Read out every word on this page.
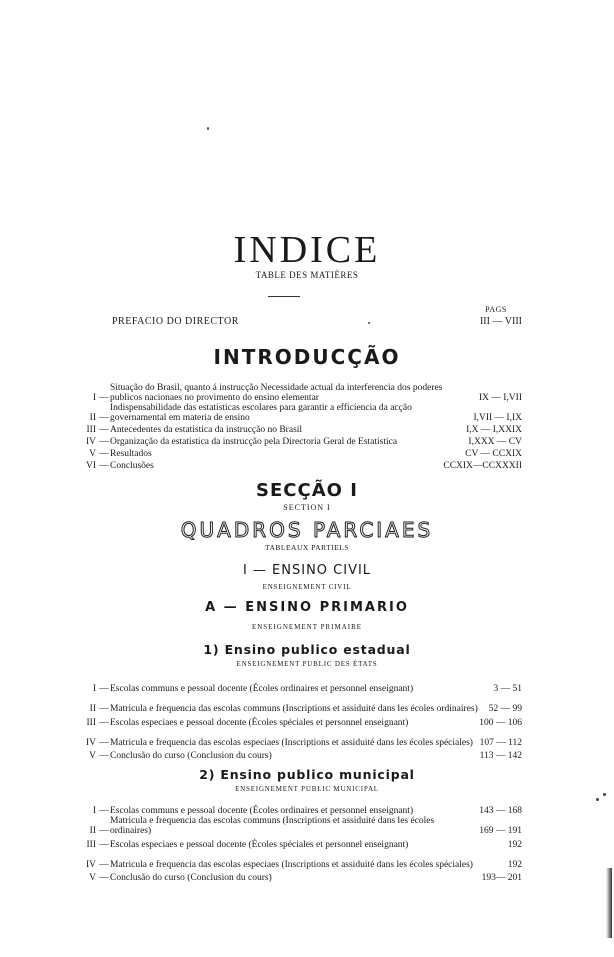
INDICE
TABLE DES MATIÈRES
PAGS
PREFACIO DO DIRECTOR	III — VIII
INTRODUCÇÃO
I —
Situação do Brasil, quanto á instrucção Necessidade actual da interferencia dos poderes publicos nacionaes no provimento do ensino elementar	IX — I,VII
II —
Indispensabilidade das estatisticas escolares para garantir a efficiencia da acção governamental em materia de ensino	I,VII — I,IX
III — Antecedentes da estatistica da instrucção no Brasil	I,X — I,XXIX
IV — Organização da estatistica da instrucção pela Directoria Geral de Estatistica	I,XXX — CV
V — Resultados	CV — CCXIX
VI — Conclusões	CCXIX—CCXXXII
SECÇÃO I
SECTION I
QUADROS PARCIAES
TABLEAUX PARTIELS
I — ENSINO CIVIL
ENSEIGNEMENT CIVIL
A — ENSINO PRIMARIO
ENSEIGNEMENT PRIMAIRE
1) Ensino publico estadual
ENSEIGNEMENT PUBLIC DES ÉTATS
I — Escolas communs e pessoal docente (Écoles ordinaires et personnel enseignant)	3 — 51
II — Matricula e frequencia das escolas communs (Inscriptions et assiduité dans les écoles ordinaires)	52 — 99
III — Escolas especiaes e pessoal docente (Écoles spéciales et personnel enseignant)	100 — 106
IV — Matricula e frequencia das escolas especiaes (Inscriptions et assiduité dans les écoles spéciales) 107 — 112
V — Conclusão do curso (Conclusion du cours)	113 — 142
2) Ensino publico municipal
ENSEIGNEMENT PUBLIC MUNICIPAL
I — Escolas communs e pessoal docente (Écoles ordinaires et personnel enseignant)	143 — 168
II —
Matricula e frequencia das escolas communs (Inscriptions et assiduité dans les écoles ordinaires)	169 — 191
III — Escolas especiaes e pessoal docente (Écoles spéciales et personnel enseignant)	192
IV — Matricula e frequencia das escolas especiaes (Inscriptions et assiduité dans les écoles spéciales)	192
V — Conclusão do curso (Conclusion du cours)	193— 201
